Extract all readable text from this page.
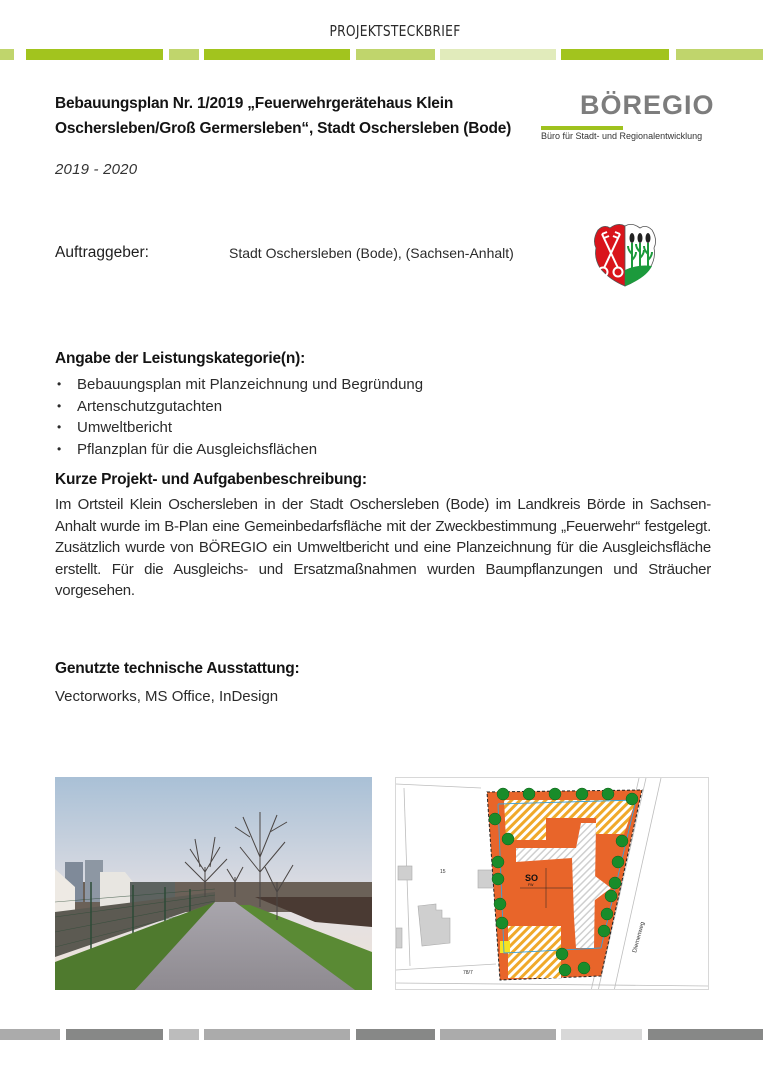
PROJEKTSTECKBRIEF
Bebauungsplan Nr. 1/2019 „Feuerwehrgerätehaus Klein
Oschersleben/Groß Germersleben“, Stadt Oschersleben (Bode)
2019 - 2020
BÖREGIO
Büro für Stadt- und Regionalentwicklung
Auftraggeber:	Stadt Oschersleben (Bode), (Sachsen-Anhalt)
Angabe der Leistungskategorie(n):
• Bebauungsplan mit Planzeichnung und Begründung
• Artenschutzgutachten
• Umweltbericht
• Pflanzplan für die Ausgleichsflächen
Kurze Projekt- und Aufgabenbeschreibung:
Im Ortsteil Klein Oschersleben in der Stadt Oschersleben (Bode) im Landkreis Börde in Sachsen-Anhalt wurde im B-Plan eine Gemeinbedarfsfläche mit der Zweckbestimmung „Feuerwehr“ festgelegt. Zusätzlich wurde von BÖREGIO ein Umweltbericht und eine Planzeichnung für die Ausgleichsfläche erstellt. Für die Ausgleichs- und Ersatzmaßnahmen wurden Baumpflanzungen und Sträucher vorgesehen.
Genutzte technische Ausstattung:
Vectorworks, MS Office, InDesign
15
78/7
SO
FW
Diemenweg
